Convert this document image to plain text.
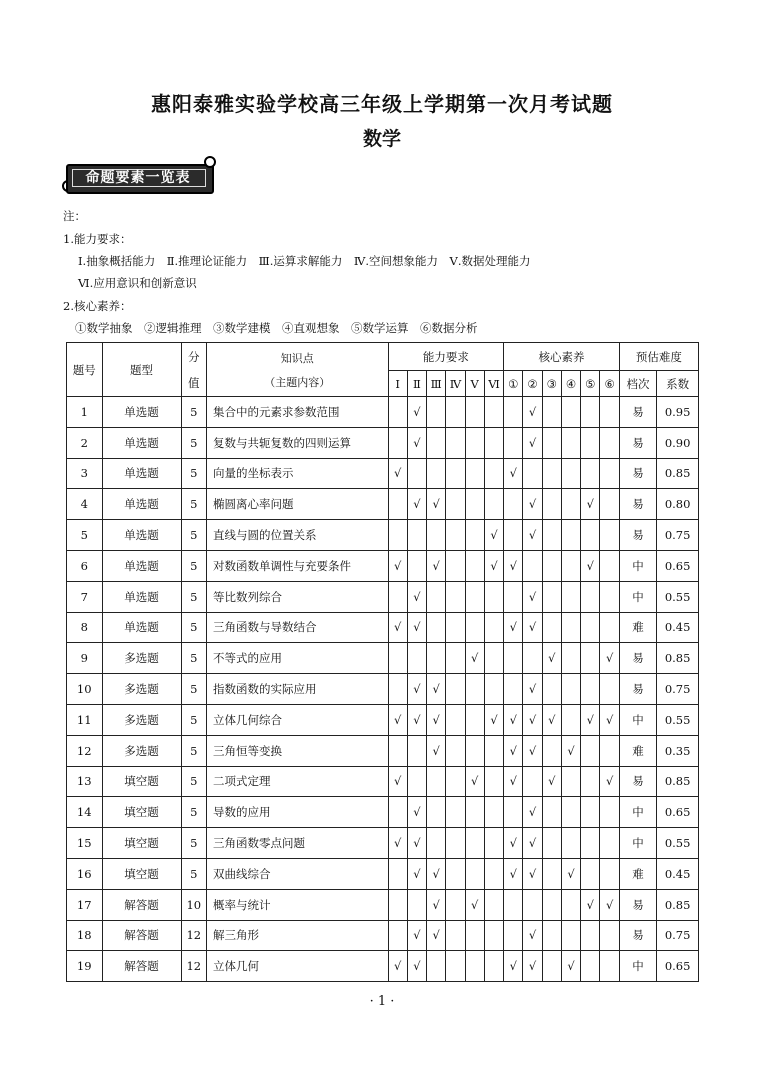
惠阳泰雅实验学校高三年级上学期第一次月考试题
数学
命题要素一览表
注：
1.能力要求：
Ⅰ.抽象概括能力　Ⅱ.推理论证能力　Ⅲ.运算求解能力　Ⅳ.空间想象能力　Ⅴ.数据处理能力
Ⅵ.应用意识和创新意识
2.核心素养：
①数学抽象　②逻辑推理　③数学建模　④直观想象　⑤数学运算　⑥数据分析
题号	题型	分值	知识点
（主题内容）	能力要求						核心素养						预估难度	
				Ⅰ	Ⅱ	Ⅲ	Ⅳ	Ⅴ	Ⅵ	①	②	③	④	⑤	⑥	档次	系数
1	单选题	5	集合中的元素求参数范围		√						√					易	0.95
2	单选题	5	复数与共轭复数的四则运算		√						√					易	0.90
3	单选题	5	向量的坐标表示	√						√						易	0.85
4	单选题	5	椭圆离心率问题		√	√					√			√		易	0.80
5	单选题	5	直线与圆的位置关系						√		√					易	0.75
6	单选题	5	对数函数单调性与充要条件	√		√			√	√				√		中	0.65
7	单选题	5	等比数列综合		√						√					中	0.55
8	单选题	5	三角函数与导数结合	√	√					√	√					难	0.45
9	多选题	5	不等式的应用					√				√			√	易	0.85
10	多选题	5	指数函数的实际应用		√	√					√					易	0.75
11	多选题	5	立体几何综合	√	√	√			√	√	√	√		√	√	中	0.55
12	多选题	5	三角恒等变换			√				√	√		√			难	0.35
13	填空题	5	二项式定理	√				√		√		√			√	易	0.85
14	填空题	5	导数的应用		√						√					中	0.65
15	填空题	5	三角函数零点问题	√	√					√	√					中	0.55
16	填空题	5	双曲线综合		√	√				√	√		√			难	0.45
17	解答题	10	概率与统计			√		√						√	√	易	0.85
18	解答题	12	解三角形		√	√					√					易	0.75
19	解答题	12	立体几何	√	√					√	√		√			中	0.65
· 1 ·
